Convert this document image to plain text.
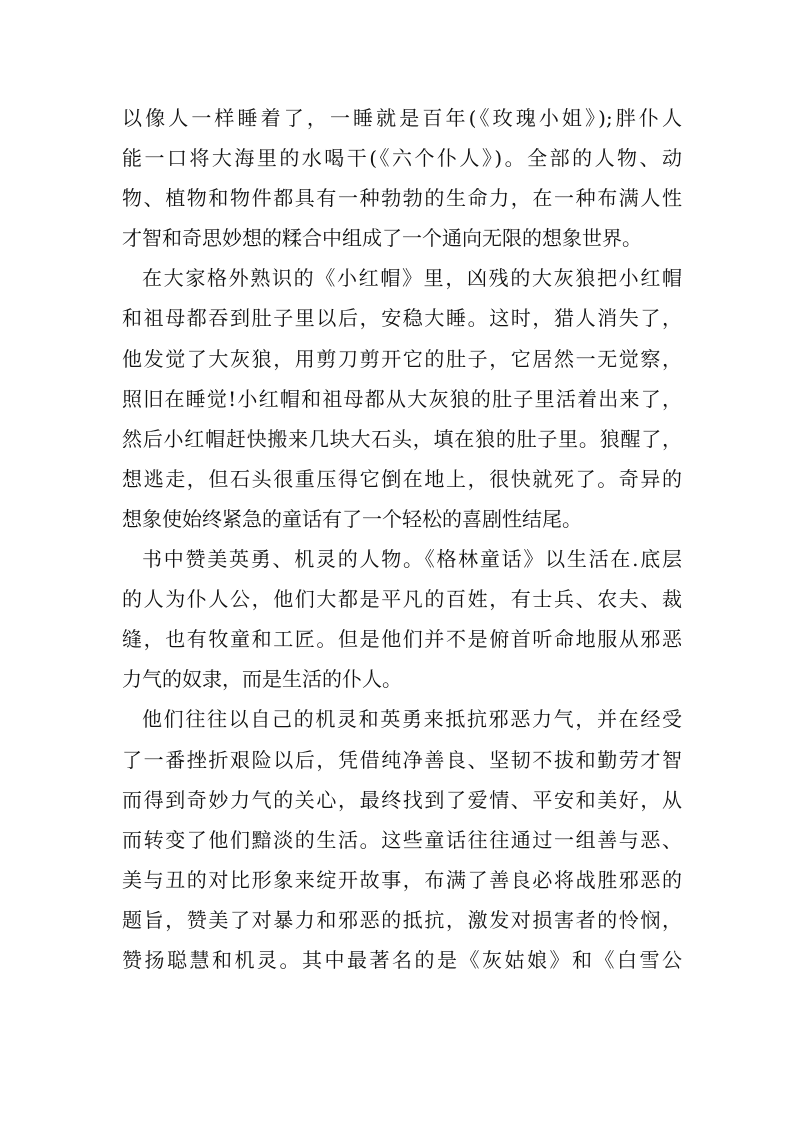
以像人一样睡着了，一睡就是百年(《玫瑰小姐》);胖仆人
能一口将大海里的水喝干(《六个仆人》)。全部的人物、动
物、植物和物件都具有一种勃勃的生命力，在一种布满人性
才智和奇思妙想的糅合中组成了一个通向无限的想象世界。
在大家格外熟识的《小红帽》里，凶残的大灰狼把小红帽
和祖母都吞到肚子里以后，安稳大睡。这时，猎人消失了，
他发觉了大灰狼，用剪刀剪开它的肚子，它居然一无觉察，
照旧在睡觉!小红帽和祖母都从大灰狼的肚子里活着出来了，
然后小红帽赶快搬来几块大石头，填在狼的肚子里。狼醒了，
想逃走，但石头很重压得它倒在地上，很快就死了。奇异的
想象使始终紧急的童话有了一个轻松的喜剧性结尾。
书中赞美英勇、机灵的人物。《格林童话》以生活在.底层
的人为仆人公，他们大都是平凡的百姓，有士兵、农夫、裁
缝，也有牧童和工匠。但是他们并不是俯首听命地服从邪恶
力气的奴隶，而是生活的仆人。
他们往往以自己的机灵和英勇来抵抗邪恶力气，并在经受
了一番挫折艰险以后，凭借纯净善良、坚韧不拔和勤劳才智
而得到奇妙力气的关心，最终找到了爱情、平安和美好，从
而转变了他们黯淡的生活。这些童话往往通过一组善与恶、
美与丑的对比形象来绽开故事，布满了善良必将战胜邪恶的
题旨，赞美了对暴力和邪恶的抵抗，激发对损害者的怜悯，
赞扬聪慧和机灵。其中最著名的是《灰姑娘》和《白雪公
